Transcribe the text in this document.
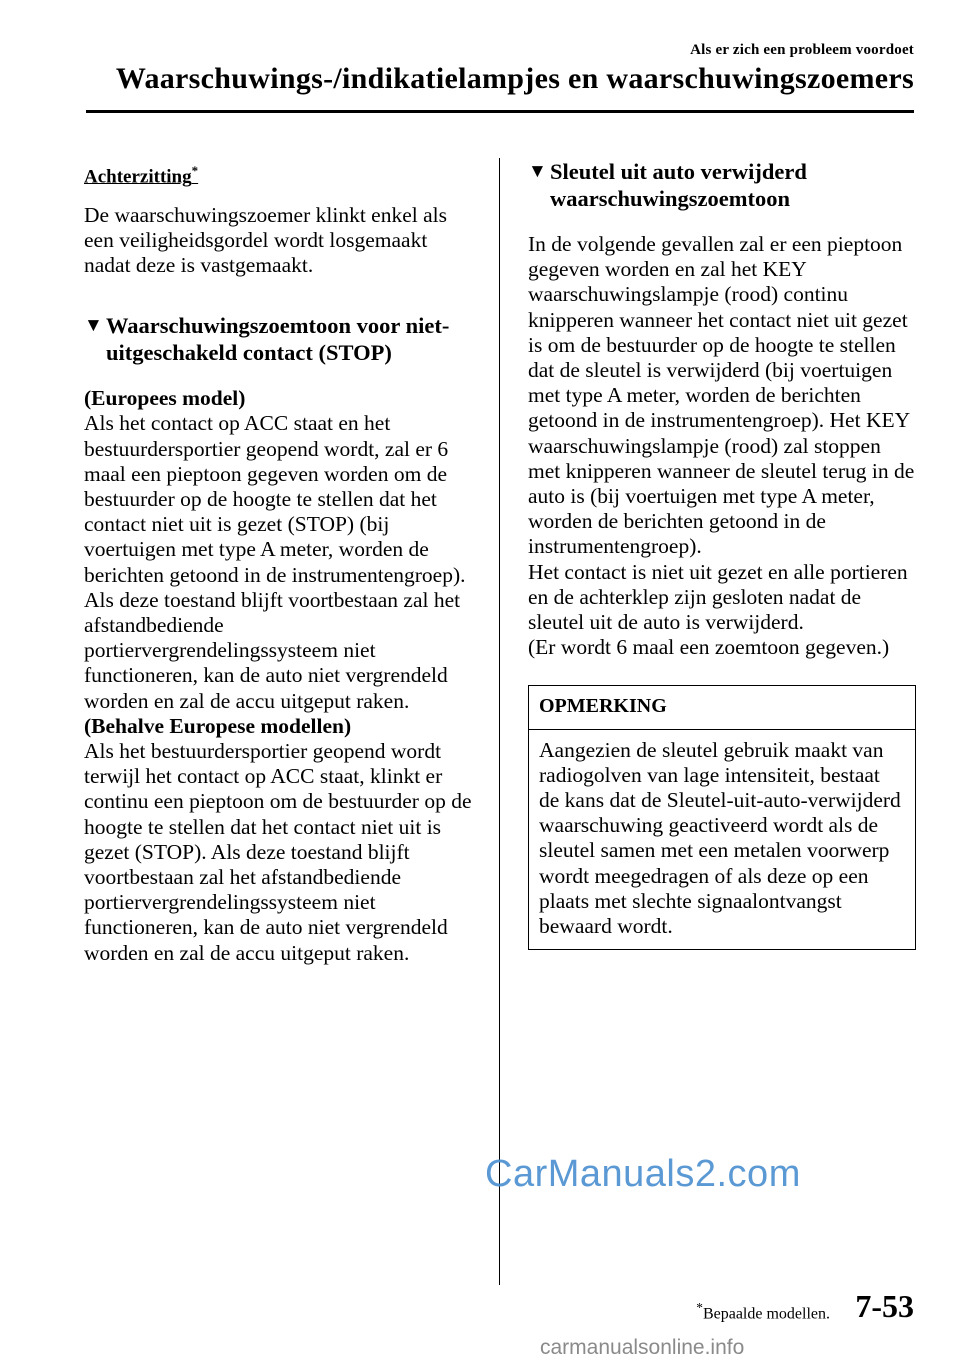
Als er zich een probleem voordoet
Waarschuwings-/indikatielampjes en waarschuwingszoemers
Achterzitting*

De waarschuwingszoemer klinkt enkel als een veiligheidsgordel wordt losgemaakt nadat deze is vastgemaakt.

▼ Waarschuwingszoemtoon voor niet-uitgeschakeld contact (STOP)

(Europees model)

Als het contact op ACC staat en het bestuurdersportier geopend wordt, zal er 6 maal een pieptoon gegeven worden om de bestuurder op de hoogte te stellen dat het contact niet uit is gezet (STOP) (bij voertuigen met type A meter, worden de berichten getoond in de instrumentengroep). Als deze toestand blijft voortbestaan zal het afstandbediende portiervergrendelingssysteem niet functioneren, kan de auto niet vergrendeld worden en zal de accu uitgeput raken.

(Behalve Europese modellen)

Als het bestuurdersportier geopend wordt terwijl het contact op ACC staat, klinkt er continu een pieptoon om de bestuurder op de hoogte te stellen dat het contact niet uit is gezet (STOP). Als deze toestand blijft voortbestaan zal het afstandbediende portiervergrendelingssysteem niet functioneren, kan de auto niet vergrendeld worden en zal de accu uitgeput raken.

▼ Sleutel uit auto verwijderd waarschuwingszoemtoon

In de volgende gevallen zal er een pieptoon gegeven worden en zal het KEY waarschuwingslampje (rood) continu knipperen wanneer het contact niet uit gezet is om de bestuurder op de hoogte te stellen dat de sleutel is verwijderd (bij voertuigen met type A meter, worden de berichten getoond in de instrumentengroep). Het KEY waarschuwingslampje (rood) zal stoppen met knipperen wanneer de sleutel terug in de auto is (bij voertuigen met type A meter, worden de berichten getoond in de instrumentengroep).

Het contact is niet uit gezet en alle portieren en de achterklep zijn gesloten nadat de sleutel uit de auto is verwijderd.

(Er wordt 6 maal een zoemtoon gegeven.)

OPMERKING
Aangezien de sleutel gebruik maakt van radiogolven van lage intensiteit, bestaat de kans dat de Sleutel-uit-auto-verwijderd waarschuwing geactiveerd wordt als de sleutel samen met een metalen voorwerp wordt meegedragen of als deze op een plaats met slechte signaalontvangst bewaard wordt.
CarManuals2.com
*Bepaalde modellen. 7-53
carmanualsonline.info
